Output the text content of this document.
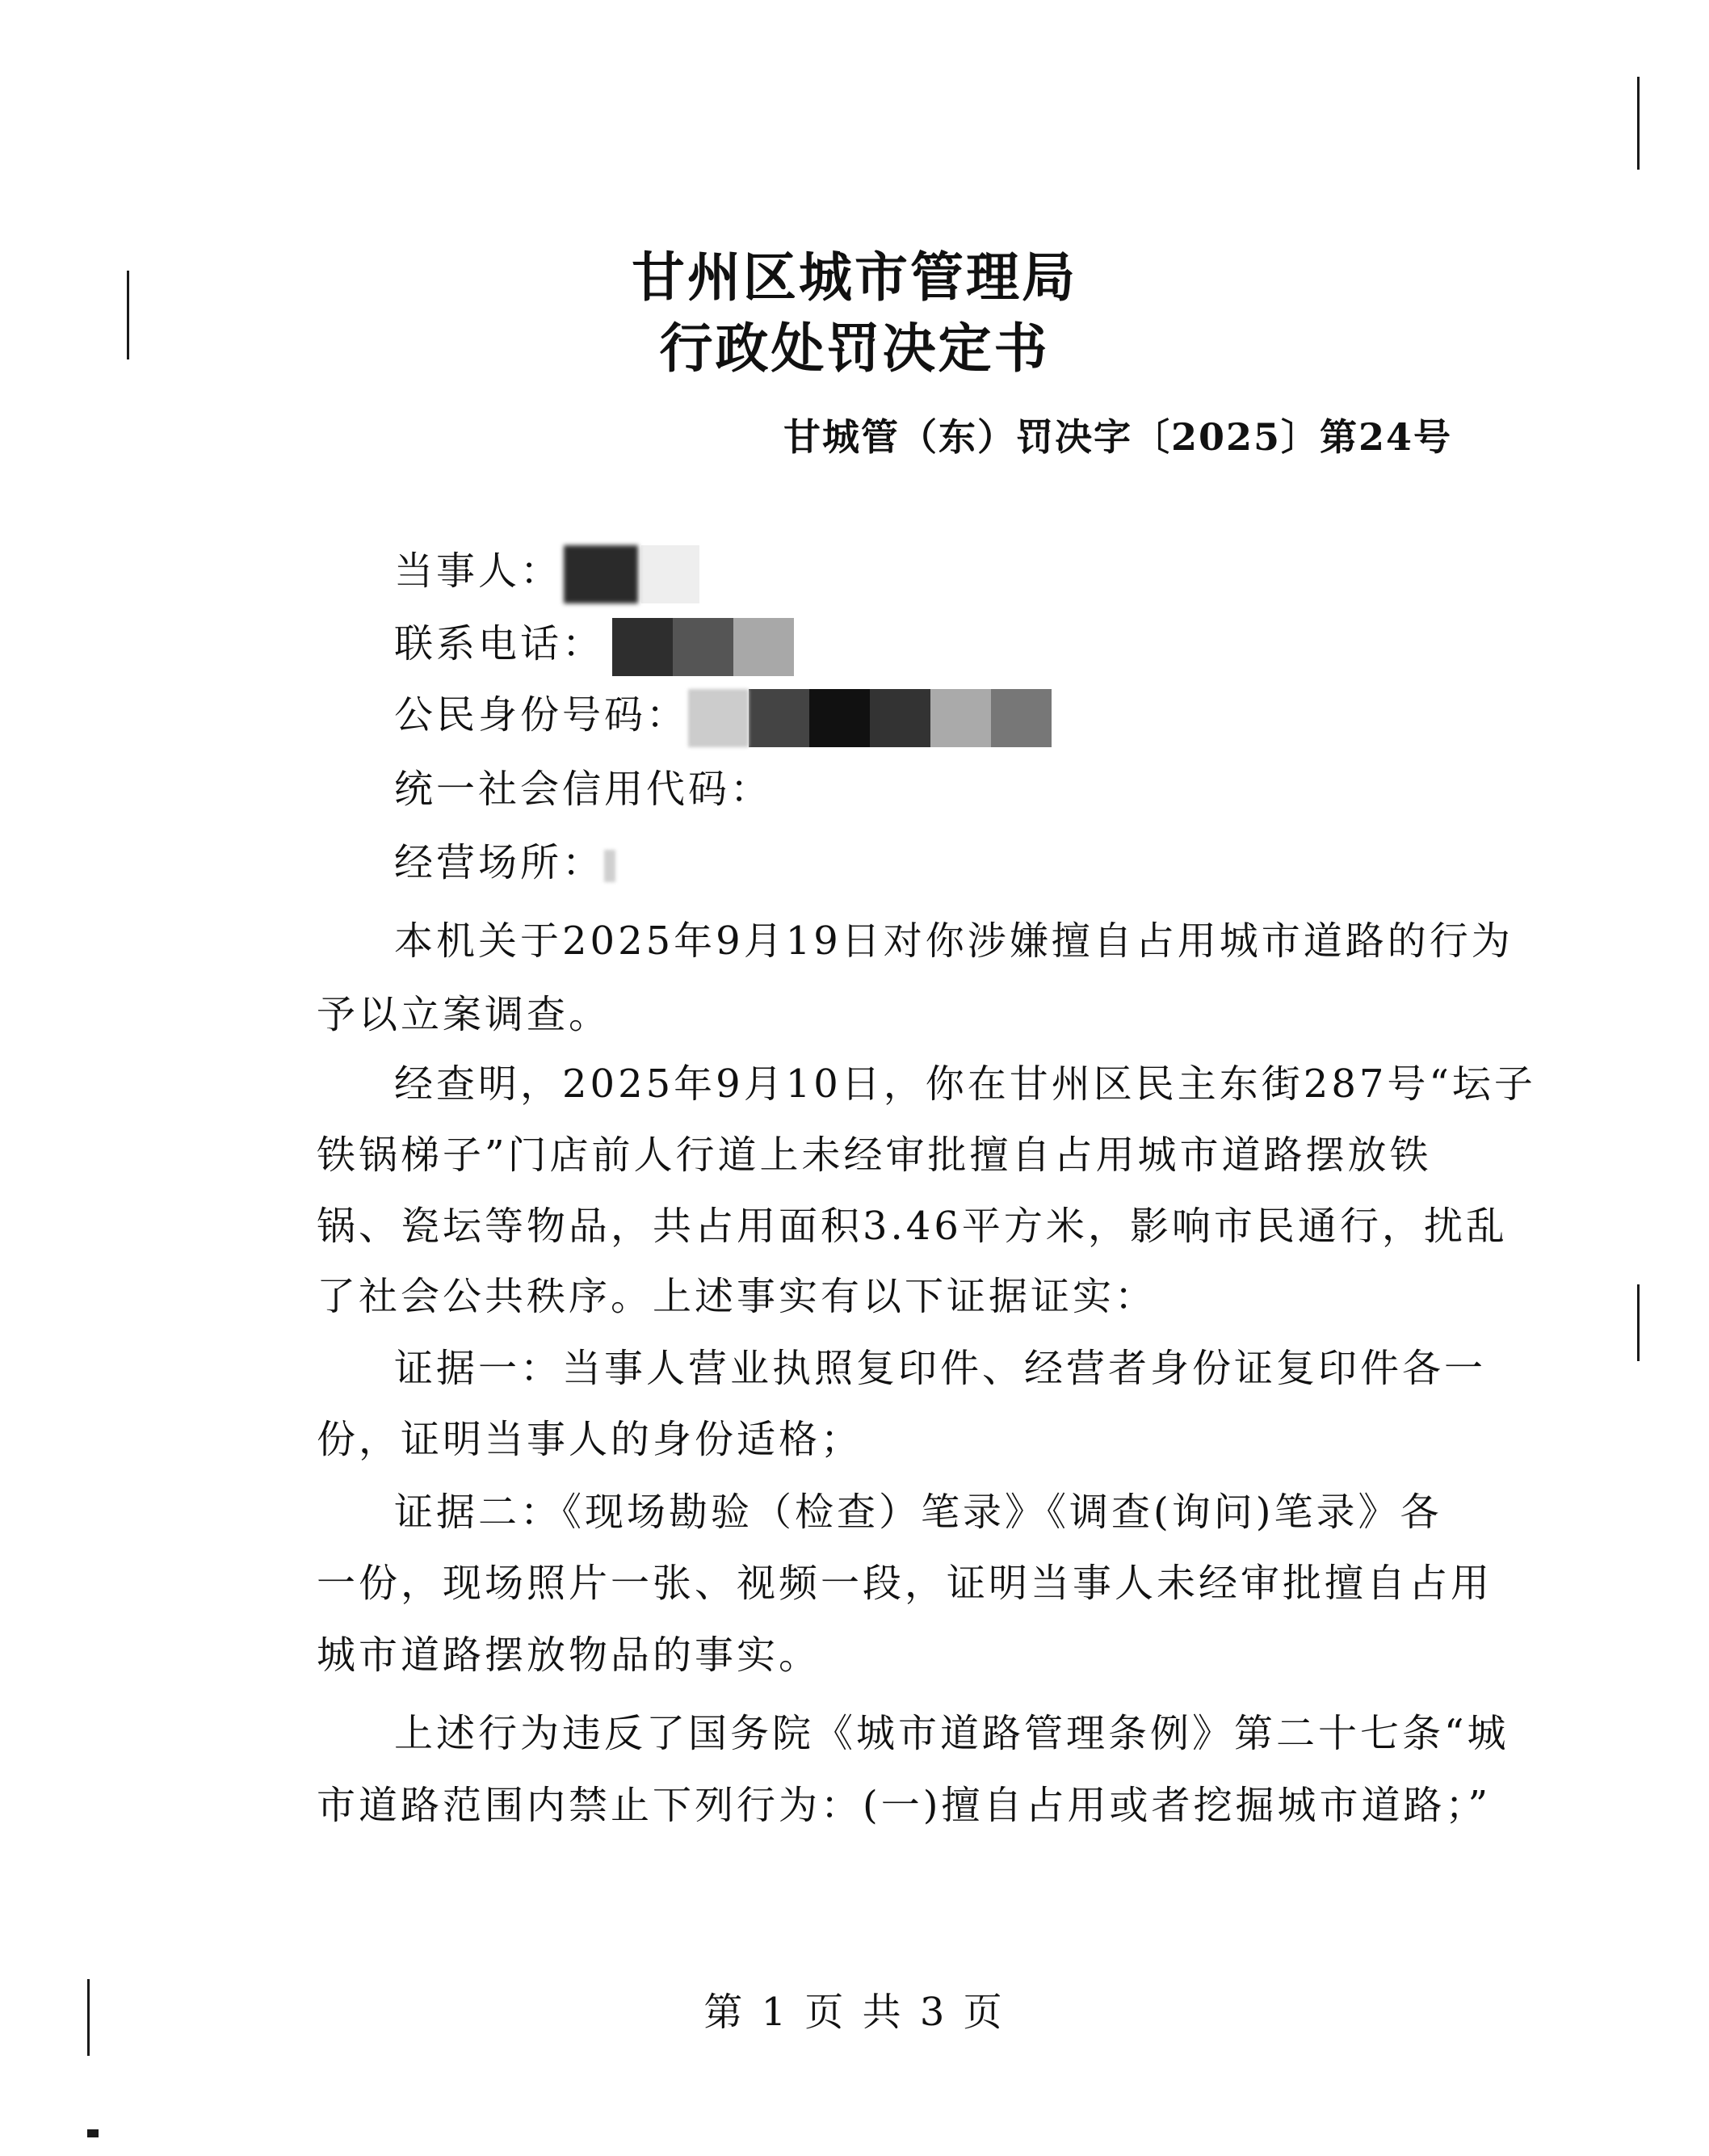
甘州区城市管理局
行政处罚决定书
甘城管（东）罚决字〔2025〕第24号
当事人：
联系电话：
公民身份号码：
统一社会信用代码：
经营场所：
本机关于2025年9月19日对你涉嫌擅自占用城市道路的行为
予以立案调查。
经查明，2025年9月10日，你在甘州区民主东街287号“坛子
铁锅梯子”门店前人行道上未经审批擅自占用城市道路摆放铁
锅、瓷坛等物品，共占用面积3.46平方米，影响市民通行，扰乱
了社会公共秩序。上述事实有以下证据证实：
证据一：当事人营业执照复印件、经营者身份证复印件各一
份，证明当事人的身份适格；
证据二：《现场勘验（检查）笔录》《调查(询问)笔录》各
一份，现场照片一张、视频一段，证明当事人未经审批擅自占用
城市道路摆放物品的事实。
上述行为违反了国务院《城市道路管理条例》第二十七条“城
市道路范围内禁止下列行为：(一)擅自占用或者挖掘城市道路；”
第 1 页 共 3 页
